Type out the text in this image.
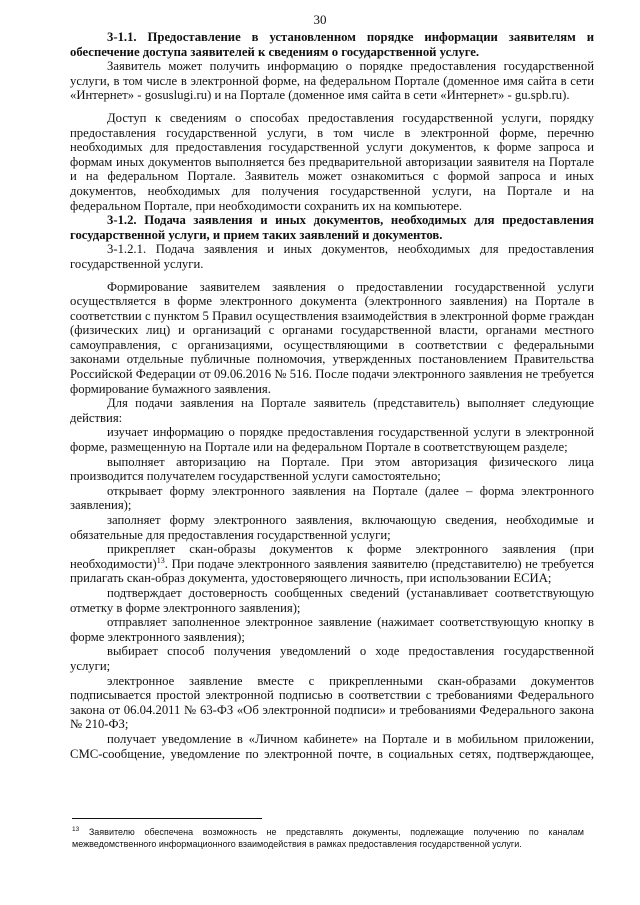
30

3-1.1. Предоставление в установленном порядке информации заявителям и обеспечение доступа заявителей к сведениям о государственной услуге.

Заявитель может получить информацию о порядке предоставления государственной услуги, в том числе в электронной форме, на федеральном Портале (доменное имя сайта в сети «Интернет» - gosuslugi.ru) и на Портале (доменное имя сайта в сети «Интернет» - gu.spb.ru).

Доступ к сведениям о способах предоставления государственной услуги, порядку предоставления государственной услуги, в том числе в электронной форме, перечню необходимых для предоставления государственной услуги документов, к форме запроса и формам иных документов выполняется без предварительной авторизации заявителя на Портале и на федеральном Портале. Заявитель может ознакомиться с формой запроса и иных документов, необходимых для получения государственной услуги, на Портале и на федеральном Портале, при необходимости сохранить их на компьютере.

3-1.2. Подача заявления и иных документов, необходимых для предоставления государственной услуги, и прием таких заявлений и документов.

3-1.2.1. Подача заявления и иных документов, необходимых для предоставления государственной услуги.

Формирование заявителем заявления о предоставлении государственной услуги осуществляется в форме электронного документа (электронного заявления) на Портале в соответствии с пунктом 5 Правил осуществления взаимодействия в электронной форме граждан (физических лиц) и организаций с органами государственной власти, органами местного самоуправления, с организациями, осуществляющими в соответствии с федеральными законами отдельные публичные полномочия, утвержденных постановлением Правительства Российской Федерации от 09.06.2016 № 516. После подачи электронного заявления не требуется формирование бумажного заявления.

Для подачи заявления на Портале заявитель (представитель) выполняет следующие действия:

изучает информацию о порядке предоставления государственной услуги в электронной форме, размещенную на Портале или на федеральном Портале в соответствующем разделе;

выполняет авторизацию на Портале. При этом авторизация физического лица производится получателем государственной услуги самостоятельно;

открывает форму электронного заявления на Портале (далее – форма электронного заявления);

заполняет форму электронного заявления, включающую сведения, необходимые и обязательные для предоставления государственной услуги;

прикрепляет скан-образы документов к форме электронного заявления (при необходимости)$^{13}$. При подаче электронного заявления заявителю (представителю) не требуется прилагать скан-образ документа, удостоверяющего личность, при использовании ЕСИА;

подтверждает достоверность сообщенных сведений (устанавливает соответствующую отметку в форме электронного заявления);

отправляет заполненное электронное заявление (нажимает соответствующую кнопку в форме электронного заявления);

выбирает способ получения уведомлений о ходе предоставления государственной услуги;

электронное заявление вместе с прикрепленными скан-образами документов подписывается простой электронной подписью в соответствии с требованиями Федерального закона от 06.04.2011 № 63-ФЗ «Об электронной подписи» и требованиями Федерального закона № 210-ФЗ;

получает уведомление в «Личном кабинете» на Портале и в мобильном приложении, СМС-сообщение, уведомление по электронной почте, в социальных сетях, подтверждающее,

$^{13}$ Заявителю обеспечена возможность не представлять документы, подлежащие получению по каналам межведомственного информационного взаимодействия в рамках предоставления государственной услуги.
